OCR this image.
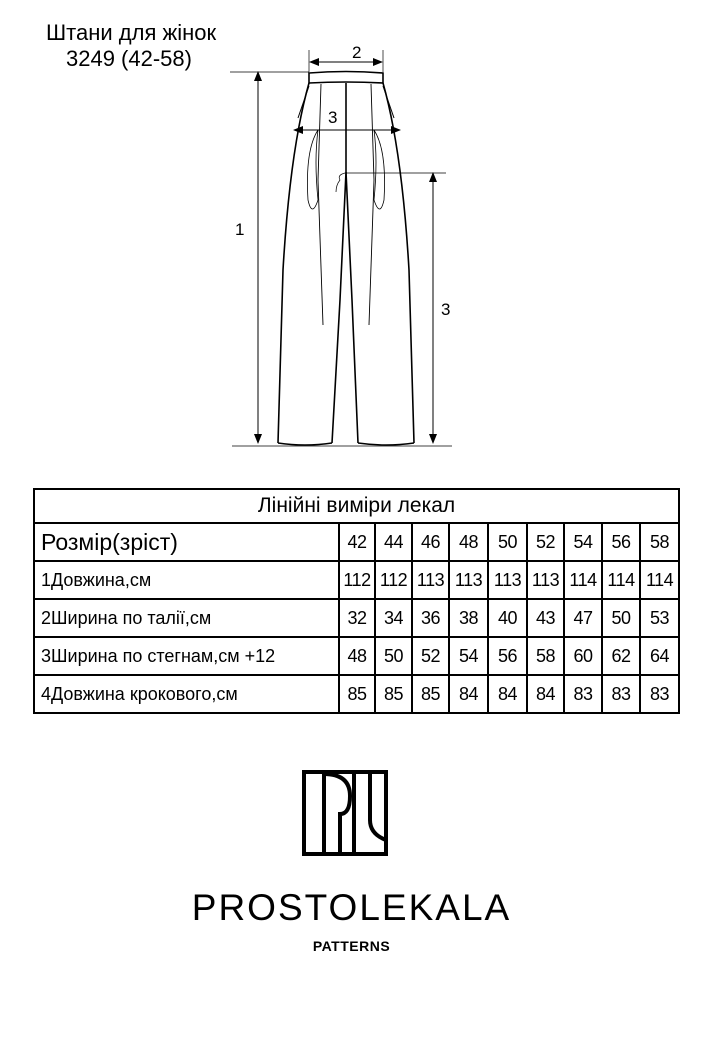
Штани для жінок
3249 (42-58)	2
3
1
3
Лінійні виміри лекал									
Розмір(зріст)	42	44	46	48	50	52	54	56	58
1Довжина,см	112	112	113	113	113	113	114	114	114
2Ширина по талії,см	32	34	36	38	40	43	47	50	53
3Ширина по стегнам,см +12	48	50	52	54	56	58	60	62	64
4Довжина крокового,см	85	85	85	84	84	84	83	83	83
PROSTOLEKALA
PATTERNS
